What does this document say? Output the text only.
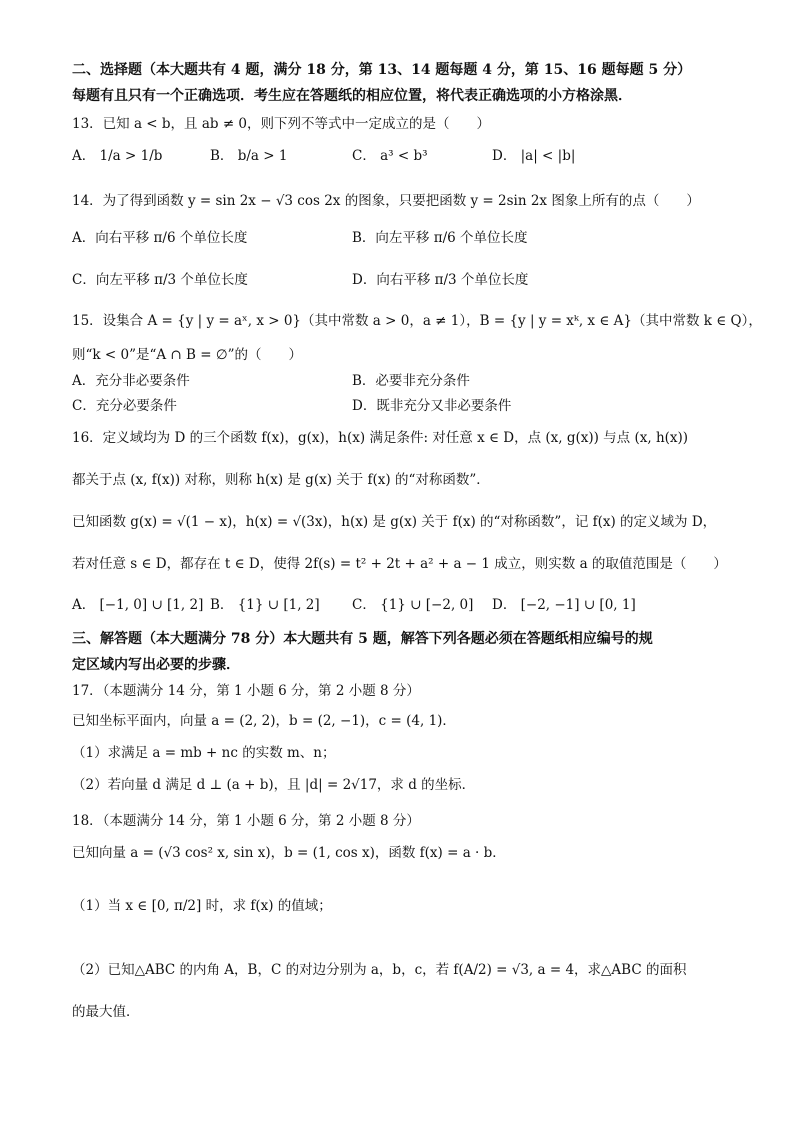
二、选择题（本大题共有 4 题，满分 18 分，第 13、14 题每题 4 分，第 15、16 题每题 5 分）
每题有且只有一个正确选项．考生应在答题纸的相应位置，将代表正确选项的小方格涂黑．
13．已知 a < b，且 ab ≠ 0，则下列不等式中一定成立的是（　　）
A． 1/a > 1/b	B． b/a > 1	C． a³ < b³	D． |a| < |b|
14．为了得到函数 y = sin 2x − √3 cos 2x 的图象，只要把函数 y = 2sin 2x 图象上所有的点（　　）
A．向右平移 π/6 个单位长度	B．向左平移 π/6 个单位长度
C．向左平移 π/3 个单位长度	D．向右平移 π/3 个单位长度
15．设集合 A = {y | y = aˣ, x > 0}（其中常数 a > 0，a ≠ 1），B = {y | y = xᵏ, x ∈ A}（其中常数 k ∈ Q），
则“k < 0”是“A ∩ B = ∅”的（　　）
A．充分非必要条件	B．必要非充分条件
C．充分必要条件	D．既非充分又非必要条件
16．定义域均为 D 的三个函数 f(x)，g(x)，h(x) 满足条件: 对任意 x ∈ D，点 (x, g(x)) 与点 (x, h(x))
都关于点 (x, f(x)) 对称，则称 h(x) 是 g(x) 关于 f(x) 的“对称函数”．
已知函数 g(x) = √(1 − x)，h(x) = √(3x)，h(x) 是 g(x) 关于 f(x) 的“对称函数”，记 f(x) 的定义域为 D，
若对任意 s ∈ D，都存在 t ∈ D，使得 2f(s) = t² + 2t + a² + a − 1 成立，则实数 a 的取值范围是（　　）
A． [−1, 0] ∪ [1, 2] B． {1} ∪ [1, 2] C． {1} ∪ [−2, 0] D． [−2, −1] ∪ [0, 1]
三、解答题（本大题满分 78 分）本大题共有 5 题，解答下列各题必须在答题纸相应编号的规
定区域内写出必要的步骤．
17．（本题满分 14 分，第 1 小题 6 分，第 2 小题 8 分）
已知坐标平面内，向量 a = (2, 2)，b = (2, −1)，c = (4, 1)．
（1）求满足 a = mb + nc 的实数 m、n；
（2）若向量 d 满足 d ⊥ (a + b)，且 |d| = 2√17，求 d 的坐标．
18．（本题满分 14 分，第 1 小题 6 分，第 2 小题 8 分）
已知向量 a = (√3 cos² x, sin x)，b = (1, cos x)，函数 f(x) = a · b．
（1）当 x ∈ [0, π/2] 时，求 f(x) 的值域；
（2）已知△ABC 的内角 A，B，C 的对边分别为 a，b，c，若 f(A/2) = √3, a = 4，求△ABC 的面积
的最大值．
